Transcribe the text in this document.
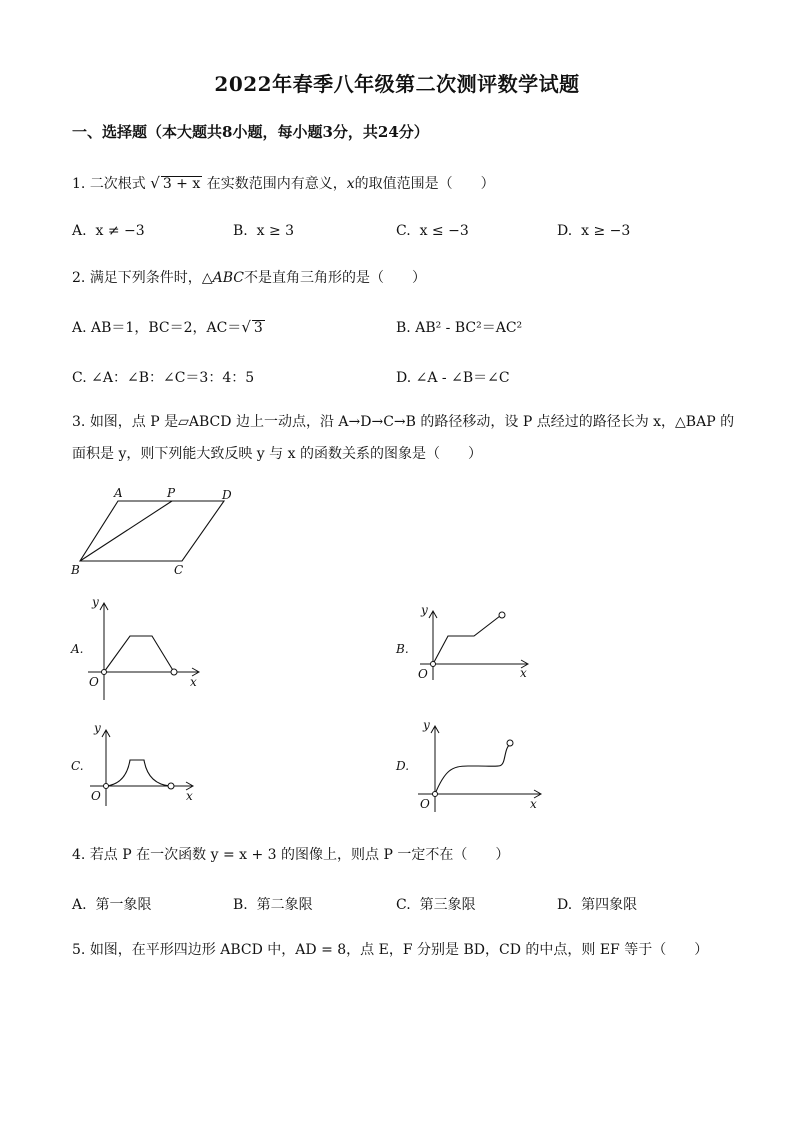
2022年春季八年级第二次测评数学试题
一、选择题（本大题共8小题，每小题3分，共24分）
1. 二次根式 √ 3 + x 在实数范围内有意义，x的取值范围是（　　）
A. x ≠ −3	B. x ≥ 3	C. x ≤ −3	D. x ≥ −3
2. 满足下列条件时，△ABC不是直角三角形的是（　　）
A. AB＝1，BC＝2，AC＝√ 3	B. AB² - BC²＝AC²
C. ∠A：∠B：∠C＝3：4：5	D. ∠A - ∠B＝∠C
3. 如图，点 P 是▱ABCD 边上一动点，沿 A→D→C→B 的路径移动，设 P 点经过的路径长为 x，△BAP 的
面积是 y，则下列能大致反映 y 与 x 的函数关系的图象是（　　）
A	P	D
B	C
A.
y
x
O
B.
y
x
O
C.
y
x
O
D.
y
x
O
4. 若点 P 在一次函数 y = x + 3 的图像上，则点 P 一定不在（　　）
A. 第一象限	B. 第二象限	C. 第三象限	D. 第四象限
5. 如图，在平形四边形 ABCD 中，AD = 8，点 E，F 分别是 BD，CD 的中点，则 EF 等于（　　）
